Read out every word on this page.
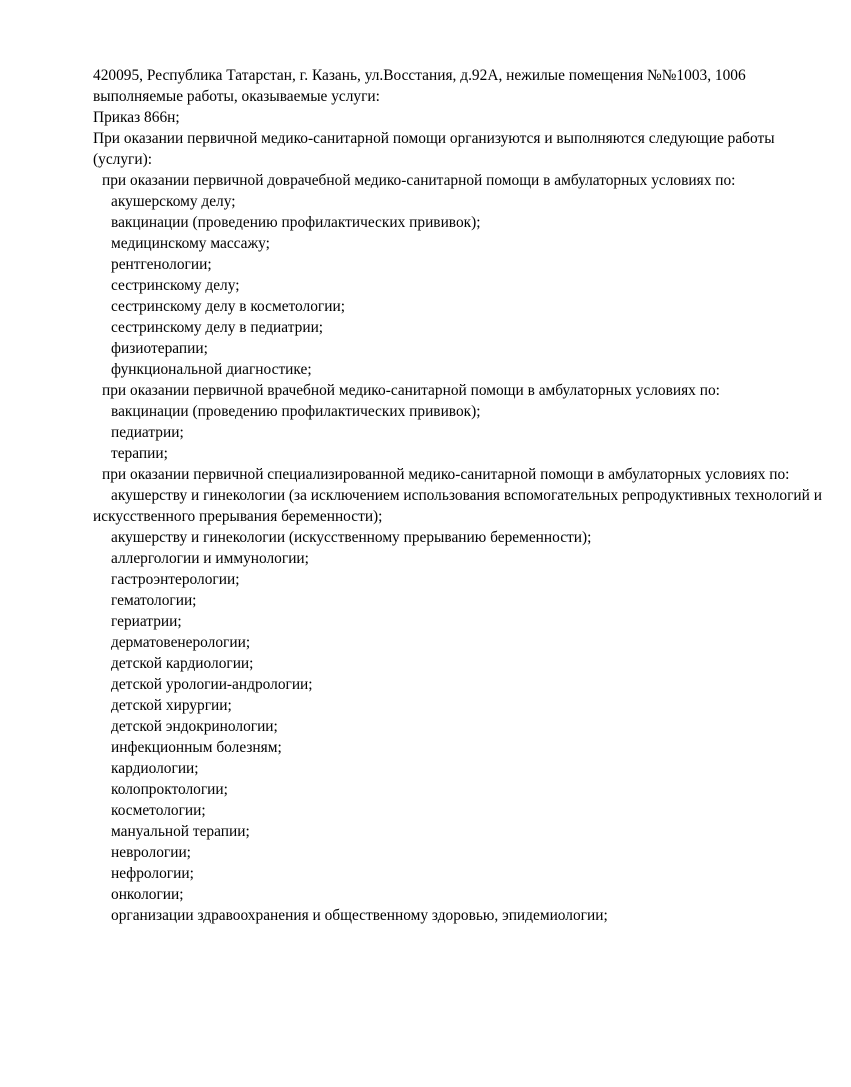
420095, Республика Татарстан, г. Казань, ул.Восстания, д.92А, нежилые помещения №№1003, 1006

выполняемые работы, оказываемые услуги:

Приказ 866н;

При оказании первичной медико-санитарной помощи организуются и выполняются следующие работы (услуги):

при оказании первичной доврачебной медико-санитарной помощи в амбулаторных условиях по:

акушерскому делу;

вакцинации (проведению профилактических прививок);

медицинскому массажу;

рентгенологии;

сестринскому делу;

сестринскому делу в косметологии;

сестринскому делу в педиатрии;

физиотерапии;

функциональной диагностике;

при оказании первичной врачебной медико-санитарной помощи в амбулаторных условиях по:

вакцинации (проведению профилактических прививок);

педиатрии;

терапии;

при оказании первичной специализированной медико-санитарной помощи в амбулаторных условиях по:

акушерству и гинекологии (за исключением использования вспомогательных репродуктивных технологий и искусственного прерывания беременности);

акушерству и гинекологии (искусственному прерыванию беременности);

аллергологии и иммунологии;

гастроэнтерологии;

гематологии;

гериатрии;

дерматовенерологии;

детской кардиологии;

детской урологии-андрологии;

детской хирургии;

детской эндокринологии;

инфекционным болезням;

кардиологии;

колопроктологии;

косметологии;

мануальной терапии;

неврологии;

нефрологии;

онкологии;

организации здравоохранения и общественному здоровью, эпидемиологии;
